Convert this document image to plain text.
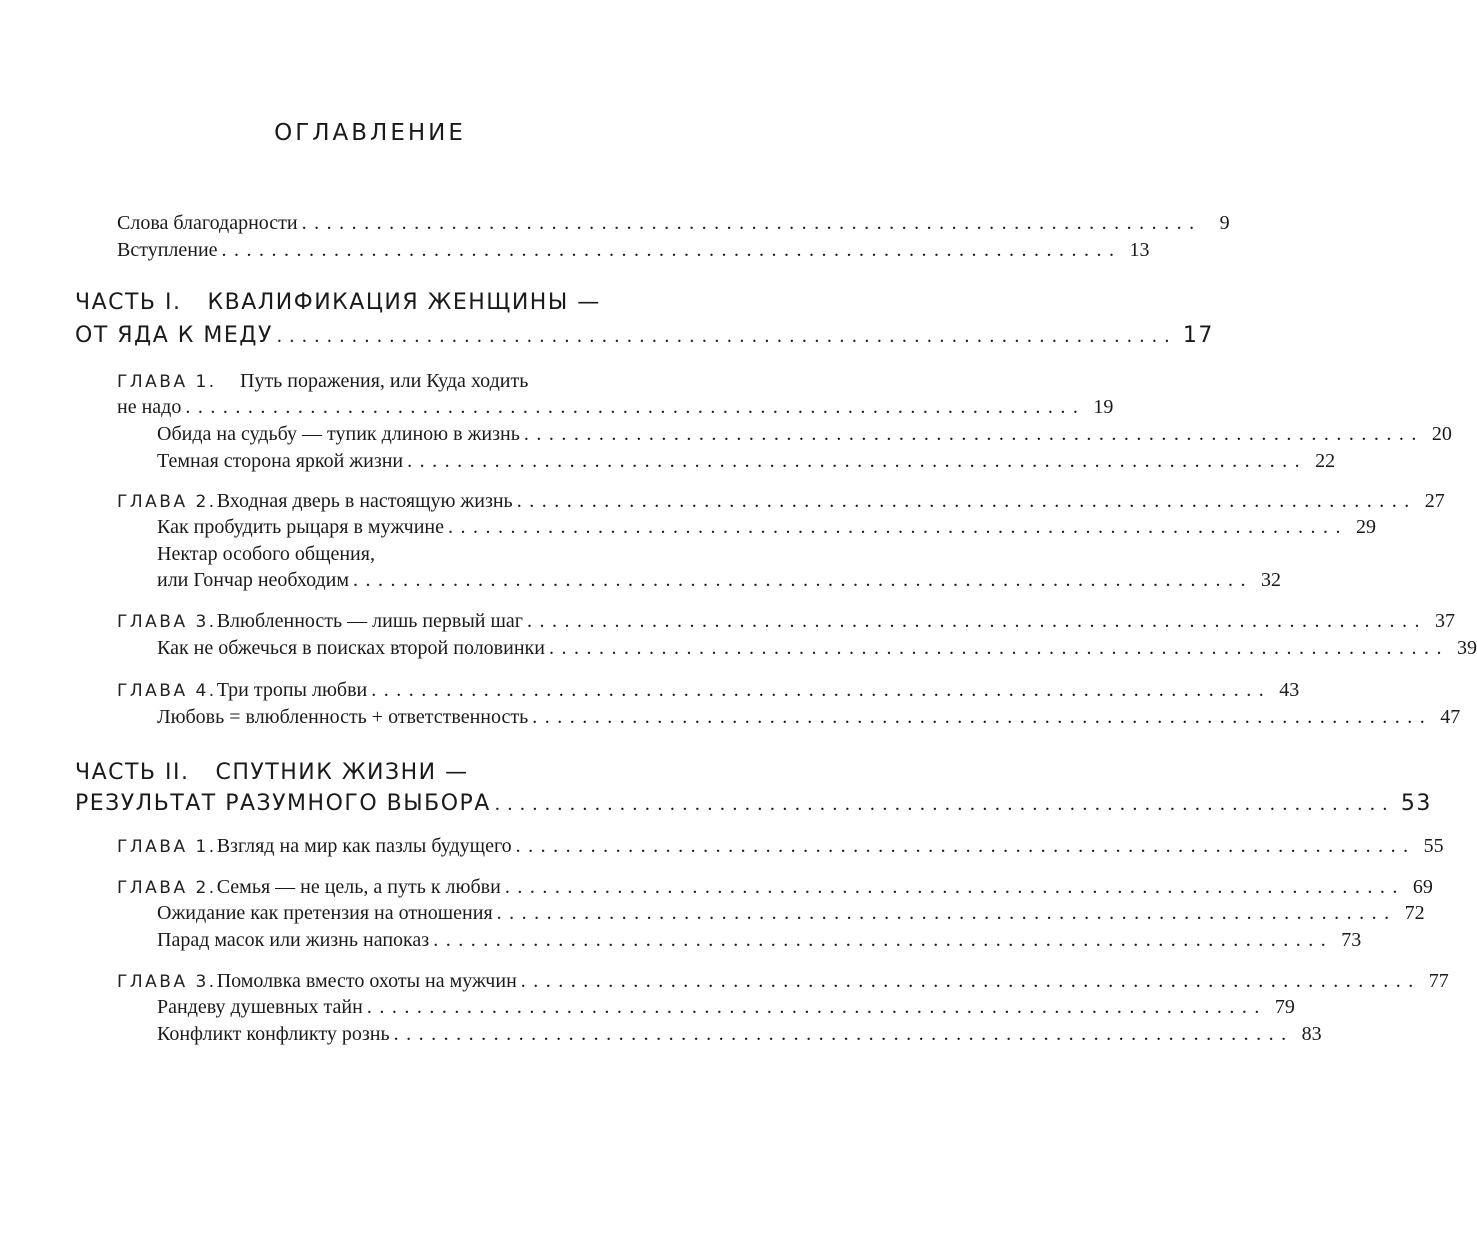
ОГЛАВЛЕНИЕ
Слова благодарности ........................................................................ 9
Вступление ........................................................................ 13
ЧАСТЬ I. КВАЛИФИКАЦИЯ ЖЕНЩИНЫ —
ОТ ЯДА К МЕДУ ........................................................................ 17
ГЛАВА 1.	Путь поражения, или Куда ходить
не надо ........................................................................ 19
Обида на судьбу — тупик длиною в жизнь ........................................................................ 20
Темная сторона яркой жизни ........................................................................ 22
ГЛАВА 2. Входная дверь в настоящую жизнь ........................................................................ 27
Как пробудить рыцаря в мужчине ........................................................................ 29
Нектар особого общения,
или Гончар необходим ........................................................................ 32
ГЛАВА 3. Влюбленность — лишь первый шаг ........................................................................ 37
Как не обжечься в поисках второй половинки ........................................................................ 39
ГЛАВА 4. Три тропы любви ........................................................................ 43
Любовь = влюбленность + ответственность ........................................................................ 47
ЧАСТЬ II. СПУТНИК ЖИЗНИ —
РЕЗУЛЬТАТ РАЗУМНОГО ВЫБОРА ........................................................................ 53
ГЛАВА 1. Взгляд на мир как пазлы будущего ........................................................................ 55
ГЛАВА 2. Семья — не цель, а путь к любви ........................................................................ 69
Ожидание как претензия на отношения ........................................................................ 72
Парад масок или жизнь напоказ ........................................................................ 73
ГЛАВА 3. Помолвка вместо охоты на мужчин ........................................................................ 77
Рандеву душевных тайн ........................................................................ 79
Конфликт конфликту рознь ........................................................................ 83
